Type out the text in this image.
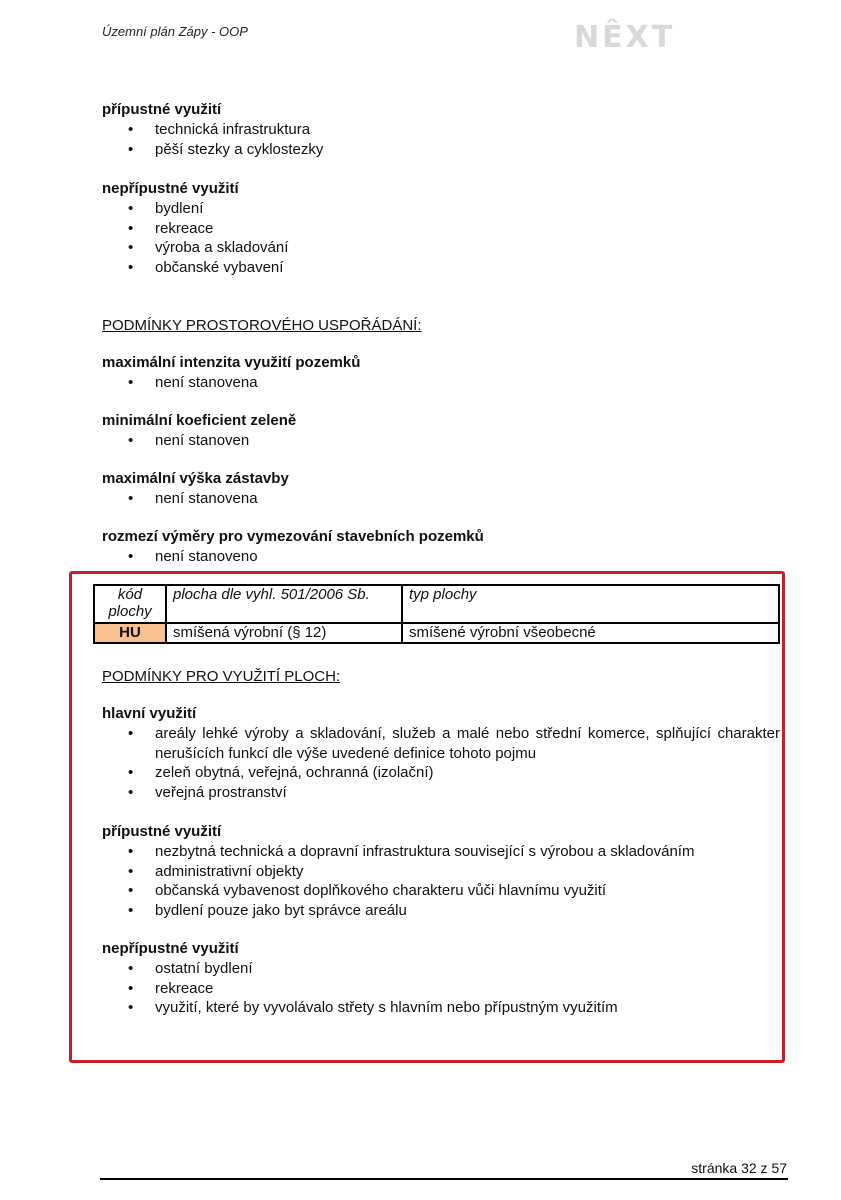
Územní plán Zápy - OOP	NÊXT
přípustné využití
• technická infrastruktura
• pěší stezky a cyklostezky
nepřípustné využití
• bydlení
• rekreace
• výroba a skladování
• občanské vybavení
PODMÍNKY PROSTOROVÉHO USPOŘÁDÁNÍ:
maximální intenzita využití pozemků
• není stanovena
minimální koeficient zeleně
• není stanoven
maximální výška zástavby
• není stanovena
rozmezí výměry pro vymezování stavebních pozemků
• není stanoveno
kód plochy	plocha dle vyhl. 501/2006 Sb.	typ plochy
HU	smíšená výrobní (§ 12)	smíšené výrobní všeobecné
PODMÍNKY PRO VYUŽITÍ PLOCH:
hlavní využití
• areály lehké výroby a skladování, služeb a malé nebo střední komerce, splňující charakter nerušících funkcí dle výše uvedené definice tohoto pojmu
• zeleň obytná, veřejná, ochranná (izolační)
• veřejná prostranství
přípustné využití
• nezbytná technická a dopravní infrastruktura související s výrobou a skladováním
• administrativní objekty
• občanská vybavenost doplňkového charakteru vůči hlavnímu využití
• bydlení pouze jako byt správce areálu
nepřípustné využití
• ostatní bydlení
• rekreace
• využití, které by vyvolávalo střety s hlavním nebo přípustným využitím
stránka 32 z 57
